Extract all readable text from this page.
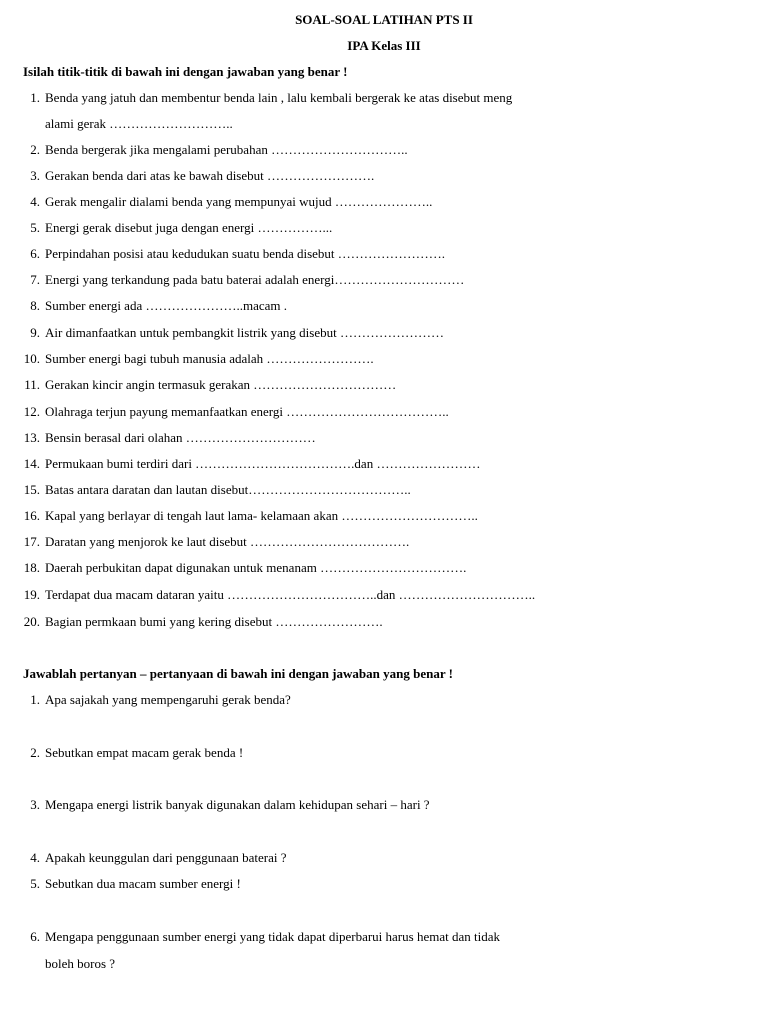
SOAL-SOAL LATIHAN PTS II
IPA Kelas III
Isilah titik-titik di bawah ini dengan jawaban yang benar !
1. Benda yang jatuh dan membentur benda lain , lalu kembali bergerak ke atas disebut meng
alami gerak ………………………..
2. Benda bergerak jika mengalami perubahan …………………………..
3. Gerakan benda dari atas ke bawah disebut …………………….
4. Gerak mengalir dialami benda yang mempunyai wujud …………………..
5. Energi gerak disebut juga dengan energi ……………...
6. Perpindahan posisi atau kedudukan suatu benda disebut …………………….
7. Energi yang terkandung pada batu baterai adalah energi…………………………
8. Sumber energi ada …………………..macam .
9. Air dimanfaatkan untuk pembangkit listrik yang disebut ……………………
10. Sumber energi bagi tubuh manusia adalah …………………….
11. Gerakan kincir angin termasuk gerakan ……………………………
12. Olahraga terjun payung memanfaatkan energi ………………………………..
13. Bensin berasal dari olahan …………………………
14. Permukaan bumi terdiri dari ……………………………….dan ……………………
15. Batas antara daratan dan lautan disebut………………………………..
16. Kapal yang berlayar di tengah laut lama- kelamaan akan …………………………..
17. Daratan yang menjorok ke laut disebut ……………………………….
18. Daerah perbukitan dapat digunakan untuk menanam …………………………….
19. Terdapat dua macam dataran yaitu ……………………………..dan …………………………..
20. Bagian permkaan bumi yang kering disebut …………………….
Jawablah pertanyan – pertanyaan di bawah ini dengan jawaban yang benar !
1. Apa sajakah yang mempengaruhi gerak benda?
2. Sebutkan empat macam gerak benda !
3. Mengapa energi listrik banyak digunakan dalam kehidupan sehari – hari ?
4. Apakah keunggulan dari penggunaan baterai ?
5. Sebutkan dua macam sumber energi !
6. Mengapa penggunaan sumber energi yang tidak dapat diperbarui harus hemat dan tidak
boleh boros ?
